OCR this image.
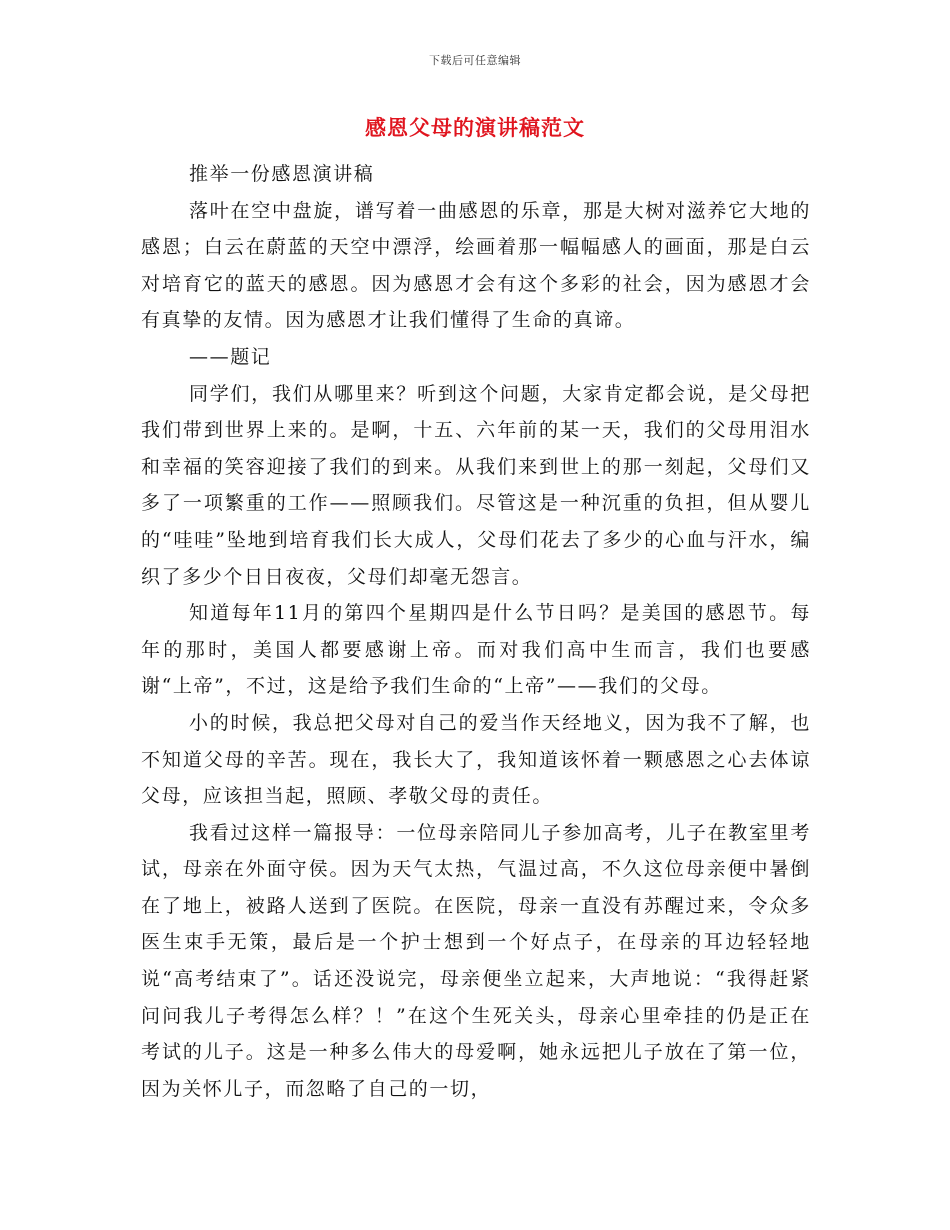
下载后可任意编辑
感恩父母的演讲稿范文

推举一份感恩演讲稿

落叶在空中盘旋，谱写着一曲感恩的乐章，那是大树对滋养它大地的感恩；白云在蔚蓝的天空中漂浮，绘画着那一幅幅感人的画面，那是白云对培育它的蓝天的感恩。因为感恩才会有这个多彩的社会，因为感恩才会有真挚的友情。因为感恩才让我们懂得了生命的真谛。

——题记

同学们，我们从哪里来？听到这个问题，大家肯定都会说，是父母把我们带到世界上来的。是啊，十五、六年前的某一天，我们的父母用泪水和幸福的笑容迎接了我们的到来。从我们来到世上的那一刻起，父母们又多了一项繁重的工作——照顾我们。尽管这是一种沉重的负担，但从婴儿的“哇哇”坠地到培育我们长大成人，父母们花去了多少的心血与汗水，编织了多少个日日夜夜，父母们却毫无怨言。

知道每年11月的第四个星期四是什么节日吗？是美国的感恩节。每年的那时，美国人都要感谢上帝。而对我们高中生而言，我们也要感谢“上帝”，不过，这是给予我们生命的“上帝”——我们的父母。

小的时候，我总把父母对自己的爱当作天经地义，因为我不了解，也不知道父母的辛苦。现在，我长大了，我知道该怀着一颗感恩之心去体谅父母，应该担当起，照顾、孝敬父母的责任。

我看过这样一篇报导：一位母亲陪同儿子参加高考，儿子在教室里考试，母亲在外面守侯。因为天气太热，气温过高，不久这位母亲便中暑倒在了地上，被路人送到了医院。在医院，母亲一直没有苏醒过来，令众多医生束手无策，最后是一个护士想到一个好点子，在母亲的耳边轻轻地说“高考结束了”。话还没说完，母亲便坐立起来，大声地说：“我得赶紧问问我儿子考得怎么样？！”在这个生死关头，母亲心里牵挂的仍是正在考试的儿子。这是一种多么伟大的母爱啊，她永远把儿子放在了第一位，因为关怀儿子，而忽略了自己的一切，
